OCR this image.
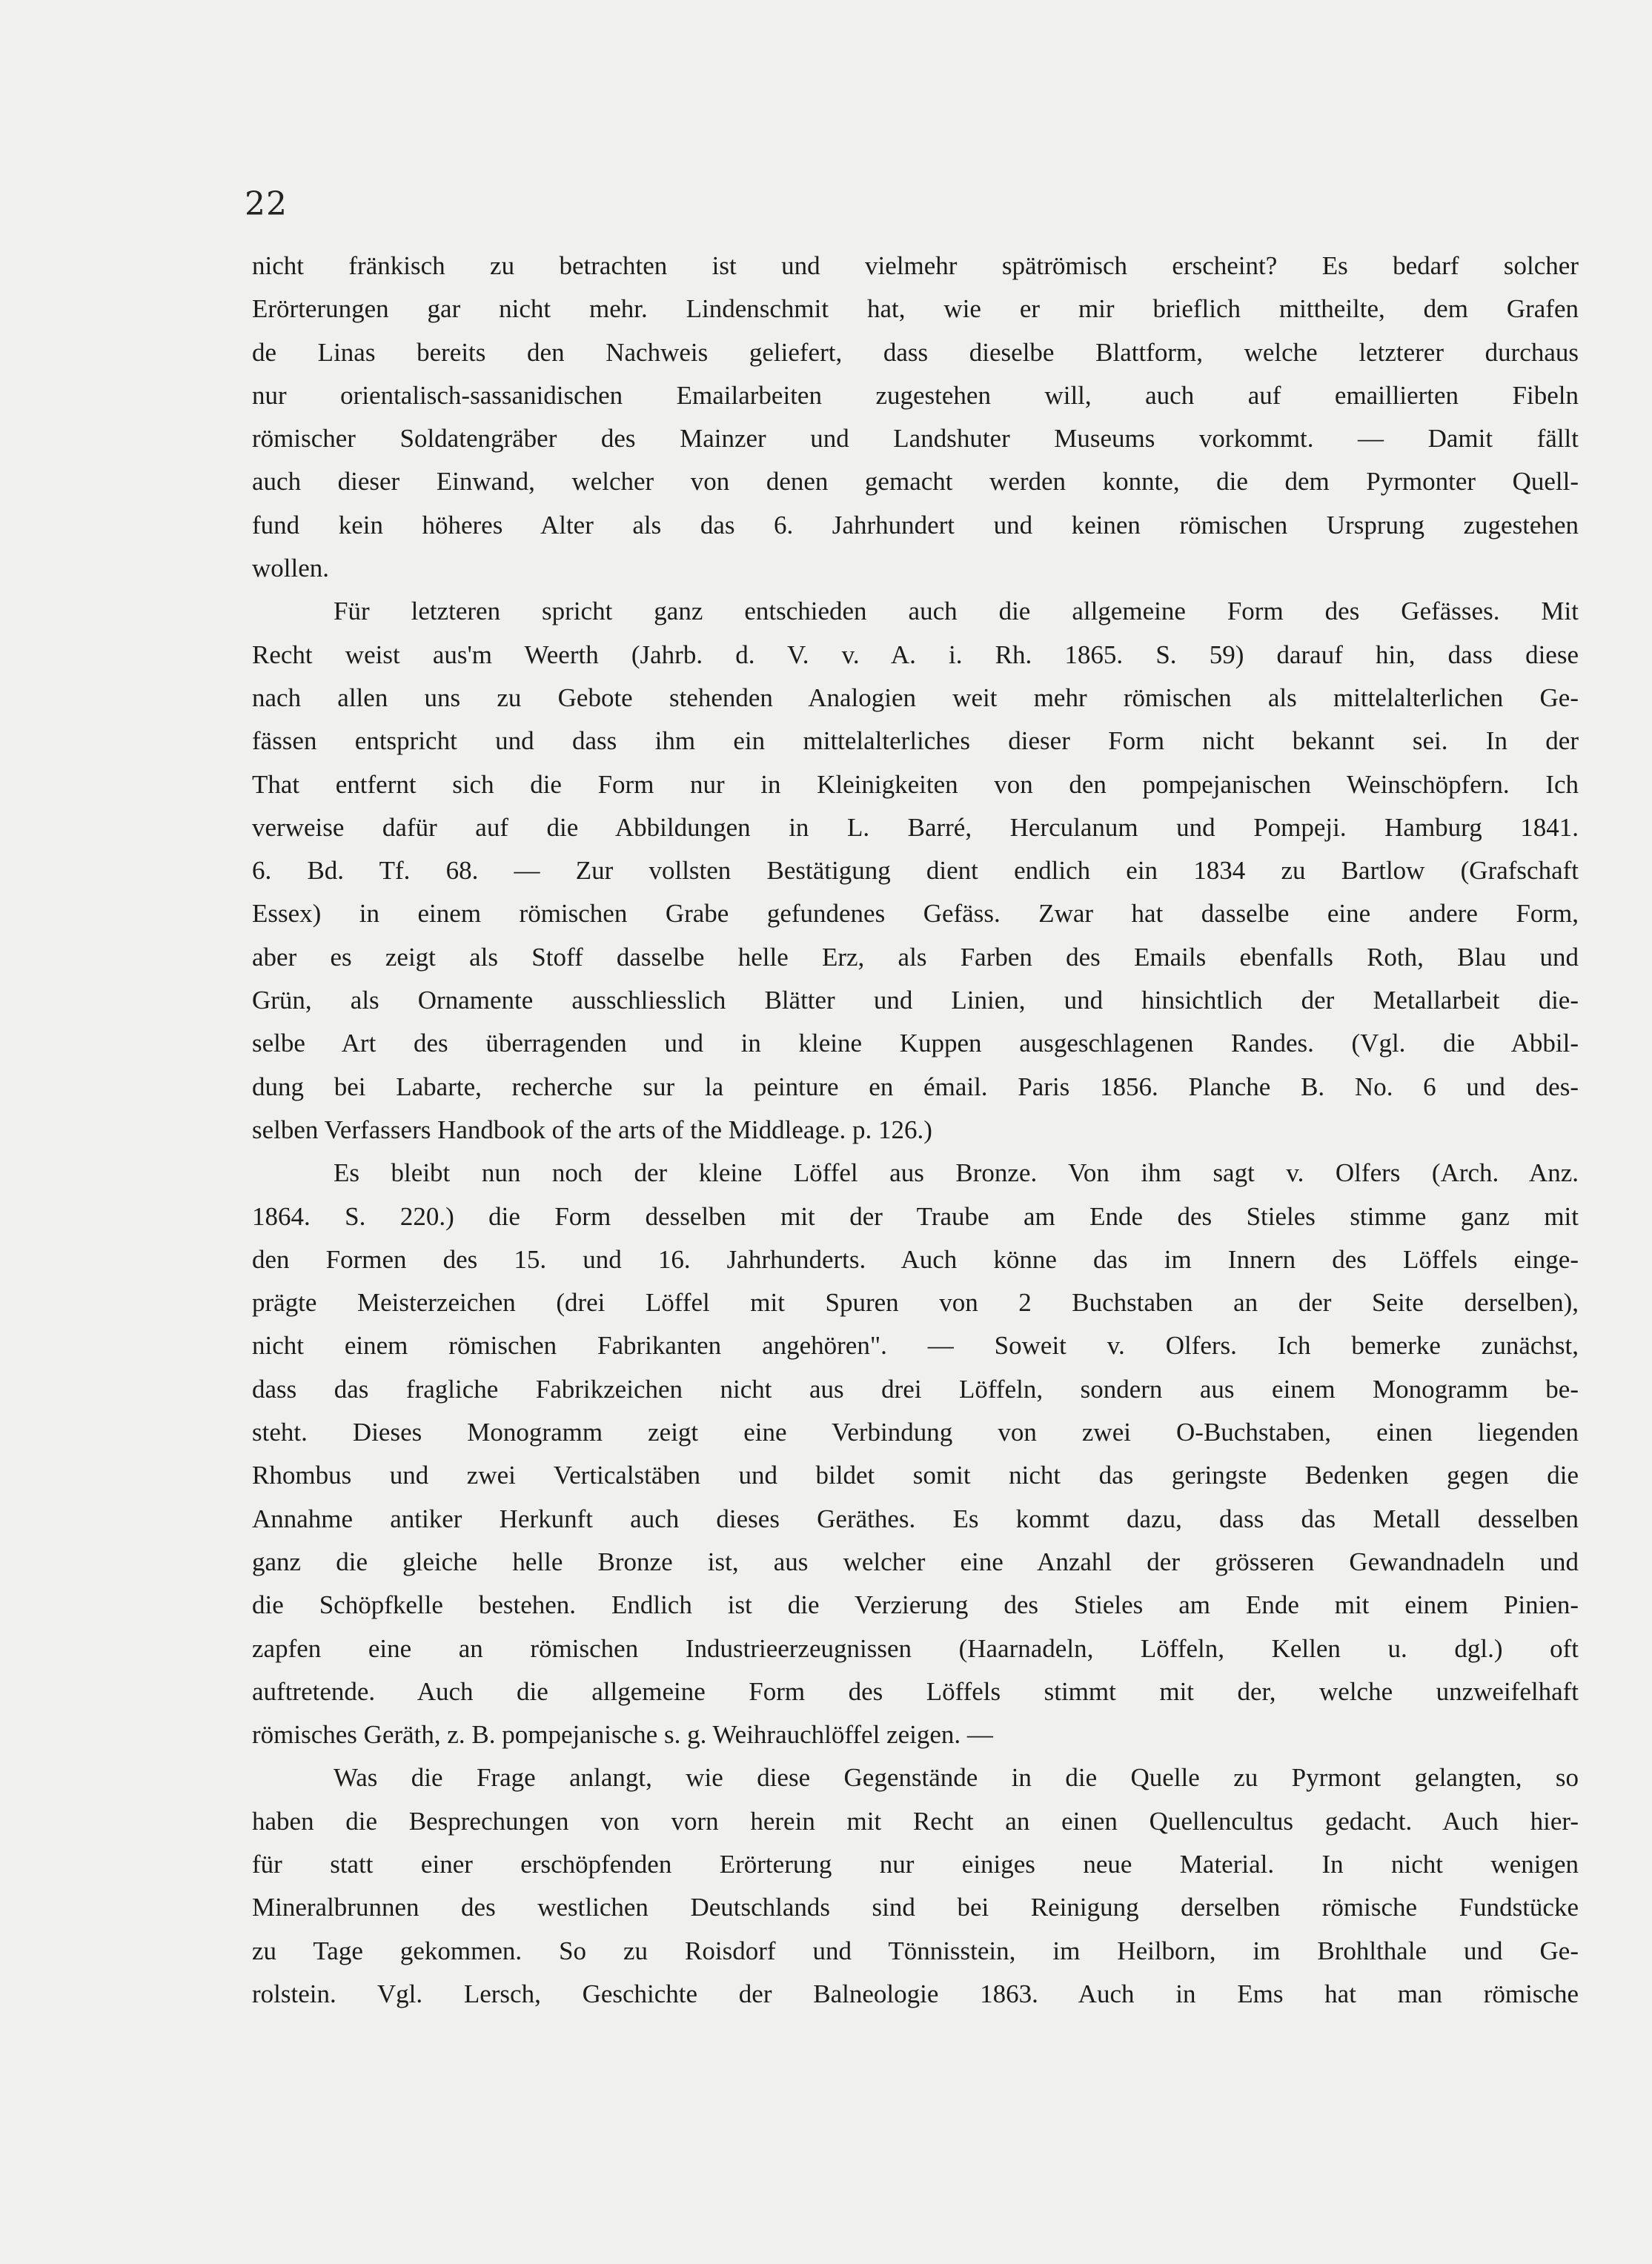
22
nicht fränkisch zu betrachten ist und vielmehr spätrömisch erscheint? Es bedarf solcher
Erörterungen gar nicht mehr. Lindenschmit hat, wie er mir brieflich mittheilte, dem Grafen
de Linas bereits den Nachweis geliefert, dass dieselbe Blattform, welche letzterer durchaus
nur orientalisch-sassanidischen Emailarbeiten zugestehen will, auch auf emaillierten Fibeln
römischer Soldatengräber des Mainzer und Landshuter Museums vorkommt. — Damit fällt
auch dieser Einwand, welcher von denen gemacht werden konnte, die dem Pyrmonter Quell-
fund kein höheres Alter als das 6. Jahrhundert und keinen römischen Ursprung zugestehen
wollen.
Für letzteren spricht ganz entschieden auch die allgemeine Form des Gefässes. Mit
Recht weist aus'm Weerth (Jahrb. d. V. v. A. i. Rh. 1865. S. 59) darauf hin, dass diese
nach allen uns zu Gebote stehenden Analogien weit mehr römischen als mittelalterlichen Ge-
fässen entspricht und dass ihm ein mittelalterliches dieser Form nicht bekannt sei. In der
That entfernt sich die Form nur in Kleinigkeiten von den pompejanischen Weinschöpfern. Ich
verweise dafür auf die Abbildungen in L. Barré, Herculanum und Pompeji. Hamburg 1841.
6. Bd. Tf. 68. — Zur vollsten Bestätigung dient endlich ein 1834 zu Bartlow (Grafschaft
Essex) in einem römischen Grabe gefundenes Gefäss. Zwar hat dasselbe eine andere Form,
aber es zeigt als Stoff dasselbe helle Erz, als Farben des Emails ebenfalls Roth, Blau und
Grün, als Ornamente ausschliesslich Blätter und Linien, und hinsichtlich der Metallarbeit die-
selbe Art des überragenden und in kleine Kuppen ausgeschlagenen Randes. (Vgl. die Abbil-
dung bei Labarte, recherche sur la peinture en émail. Paris 1856. Planche B. No. 6 und des-
selben Verfassers Handbook of the arts of the Middleage. p. 126.)
Es bleibt nun noch der kleine Löffel aus Bronze. Von ihm sagt v. Olfers (Arch. Anz.
1864. S. 220.) die Form desselben mit der Traube am Ende des Stieles stimme ganz mit
den Formen des 15. und 16. Jahrhunderts. Auch könne das im Innern des Löffels einge-
prägte Meisterzeichen (drei Löffel mit Spuren von 2 Buchstaben an der Seite derselben),
nicht einem römischen Fabrikanten angehören". — Soweit v. Olfers. Ich bemerke zunächst,
dass das fragliche Fabrikzeichen nicht aus drei Löffeln, sondern aus einem Monogramm be-
steht. Dieses Monogramm zeigt eine Verbindung von zwei O-Buchstaben, einen liegenden
Rhombus und zwei Verticalstäben und bildet somit nicht das geringste Bedenken gegen die
Annahme antiker Herkunft auch dieses Geräthes. Es kommt dazu, dass das Metall desselben
ganz die gleiche helle Bronze ist, aus welcher eine Anzahl der grösseren Gewandnadeln und
die Schöpfkelle bestehen. Endlich ist die Verzierung des Stieles am Ende mit einem Pinien-
zapfen eine an römischen Industrieerzeugnissen (Haarnadeln, Löffeln, Kellen u. dgl.) oft
auftretende. Auch die allgemeine Form des Löffels stimmt mit der, welche unzweifelhaft
römisches Geräth, z. B. pompejanische s. g. Weihrauchlöffel zeigen. —
Was die Frage anlangt, wie diese Gegenstände in die Quelle zu Pyrmont gelangten, so
haben die Besprechungen von vorn herein mit Recht an einen Quellencultus gedacht. Auch hier-
für statt einer erschöpfenden Erörterung nur einiges neue Material. In nicht wenigen
Mineralbrunnen des westlichen Deutschlands sind bei Reinigung derselben römische Fundstücke
zu Tage gekommen. So zu Roisdorf und Tönnisstein, im Heilborn, im Brohlthale und Ge-
rolstein. Vgl. Lersch, Geschichte der Balneologie 1863. Auch in Ems hat man römische
